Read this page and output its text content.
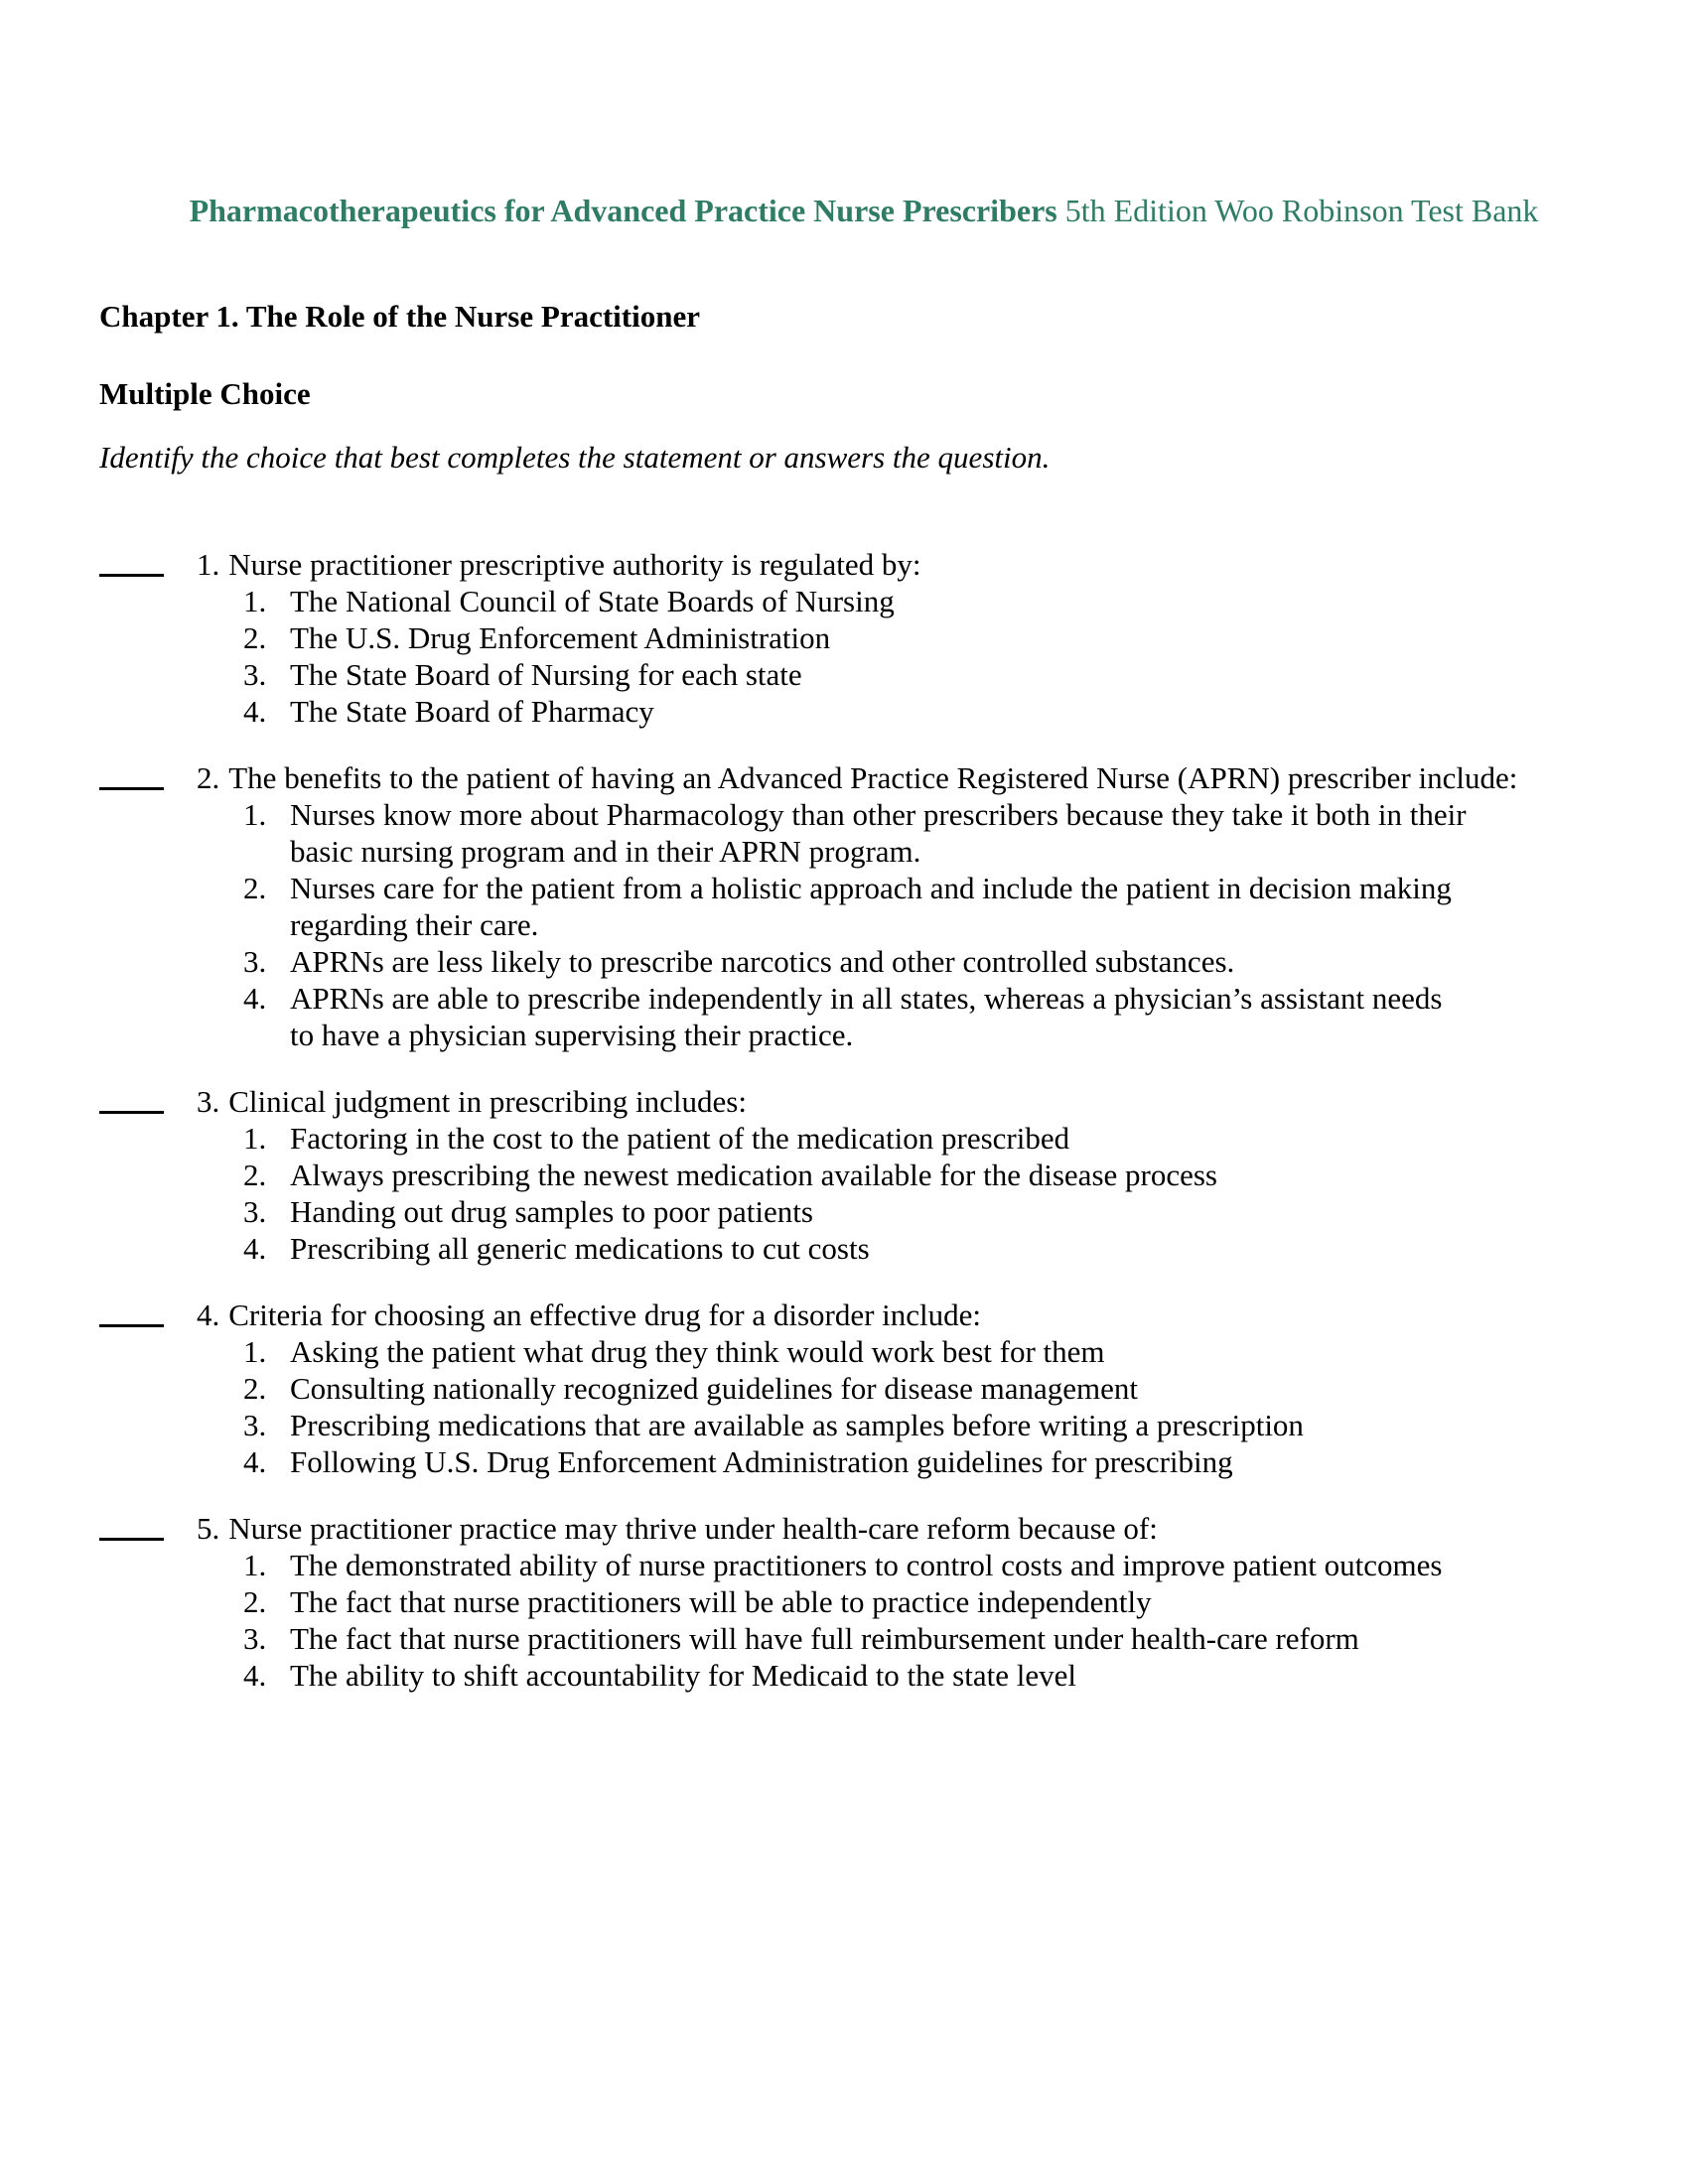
Pharmacotherapeutics for Advanced Practice Nurse Prescribers 5th Edition Woo Robinson Test Bank
Chapter 1. The Role of the Nurse Practitioner
Multiple Choice

Identify the choice that best completes the statement or answers the question.

1. Nurse practitioner prescriptive authority is regulated by:

1. The National Council of State Boards of Nursing
2. The U.S. Drug Enforcement Administration
3. The State Board of Nursing for each state
4. The State Board of Pharmacy

2. The benefits to the patient of having an Advanced Practice Registered Nurse (APRN) prescriber include:

1. Nurses know more about Pharmacology than other prescribers because they take it both in their basic nursing program and in their APRN program.
2. Nurses care for the patient from a holistic approach and include the patient in decision making regarding their care.
3. APRNs are less likely to prescribe narcotics and other controlled substances.
4. APRNs are able to prescribe independently in all states, whereas a physician’s assistant needs to have a physician supervising their practice.

3. Clinical judgment in prescribing includes:

1. Factoring in the cost to the patient of the medication prescribed
2. Always prescribing the newest medication available for the disease process
3. Handing out drug samples to poor patients
4. Prescribing all generic medications to cut costs

4. Criteria for choosing an effective drug for a disorder include:

1. Asking the patient what drug they think would work best for them
2. Consulting nationally recognized guidelines for disease management
3. Prescribing medications that are available as samples before writing a prescription
4. Following U.S. Drug Enforcement Administration guidelines for prescribing

5. Nurse practitioner practice may thrive under health-care reform because of:

1. The demonstrated ability of nurse practitioners to control costs and improve patient outcomes
2. The fact that nurse practitioners will be able to practice independently
3. The fact that nurse practitioners will have full reimbursement under health-care reform
4. The ability to shift accountability for Medicaid to the state level
